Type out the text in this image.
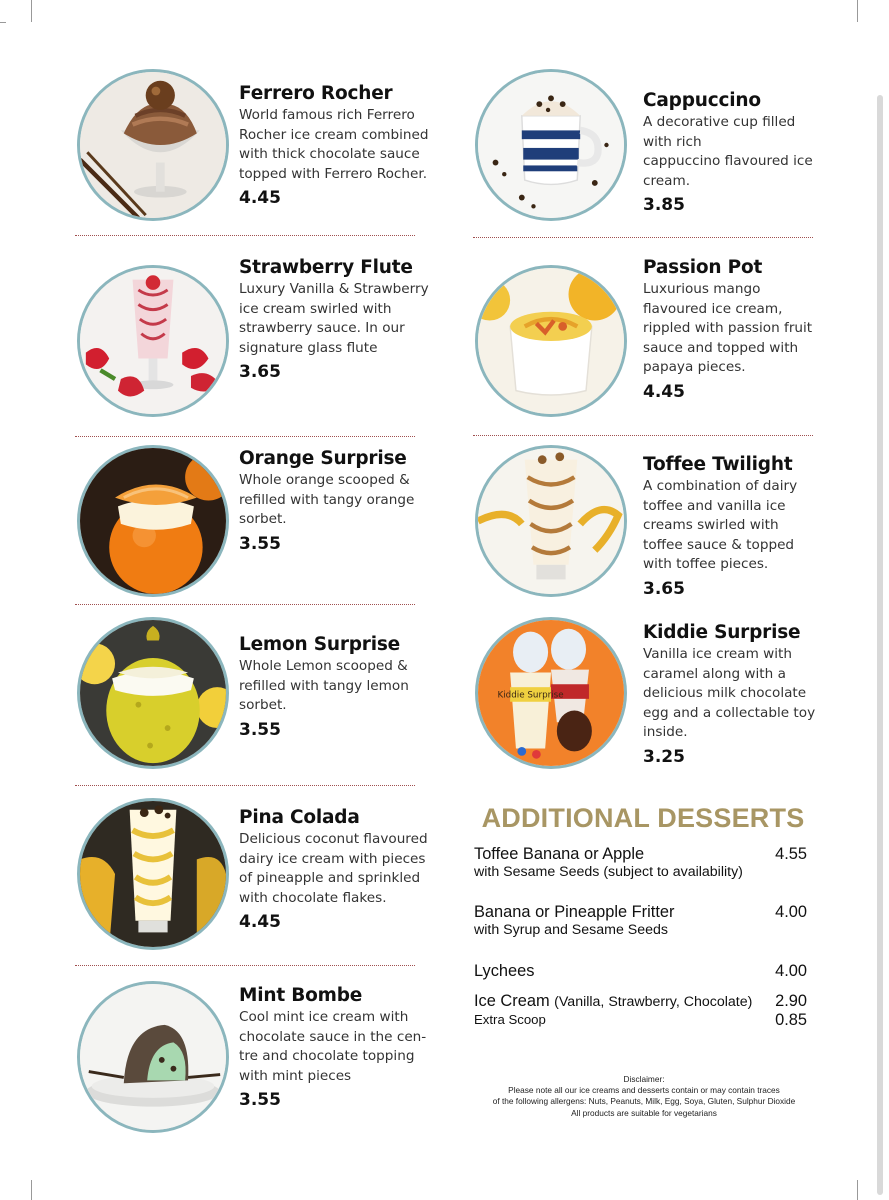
Ferrero Rocher
World famous rich Ferrero
Rocher ice cream combined
with thick chocolate sauce
topped with Ferrero Rocher.
4.45
Strawberry Flute
Luxury Vanilla & Strawberry
ice cream swirled with
strawberry sauce. In our
signature glass flute
3.65
Orange Surprise
Whole orange scooped &
refilled with tangy orange
sorbet.
3.55
Lemon Surprise
Whole Lemon scooped &
refilled with tangy lemon
sorbet.
3.55
Pina Colada
Delicious coconut flavoured
dairy ice cream with pieces
of pineapple and sprinkled
with chocolate flakes.
4.45
Mint Bombe
Cool mint ice cream with
chocolate sauce in the cen-
tre and chocolate topping
with mint pieces
3.55
Cappuccino
A decorative cup filled
with rich
cappuccino flavoured ice
cream.
3.85
Passion Pot
Luxurious mango
flavoured ice cream,
rippled with passion fruit
sauce and topped with
papaya pieces.
4.45
Toffee Twilight
A combination of dairy
toffee and vanilla ice
creams swirled with
toffee sauce & topped
with toffee pieces.
3.65
Kiddie Surprise
Kiddie Surprise
Vanilla ice cream with
caramel along with a
delicious milk chocolate
egg and a collectable toy
inside.
3.25
ADDITIONAL DESSERTS
Toffee Banana or Apple
with Sesame Seeds (subject to availability)
4.55
Banana or Pineapple Fritter
with Syrup and Sesame Seeds
4.00
Lychees	4.00
Ice Cream (Vanilla, Strawberry, Chocolate)
Extra Scoop
2.90
0.85
Disclaimer:
Please note all our ice creams and desserts contain or may contain traces
of the following allergens: Nuts, Peanuts, Milk, Egg, Soya, Gluten, Sulphur Dioxide
All products are suitable for vegetarians
